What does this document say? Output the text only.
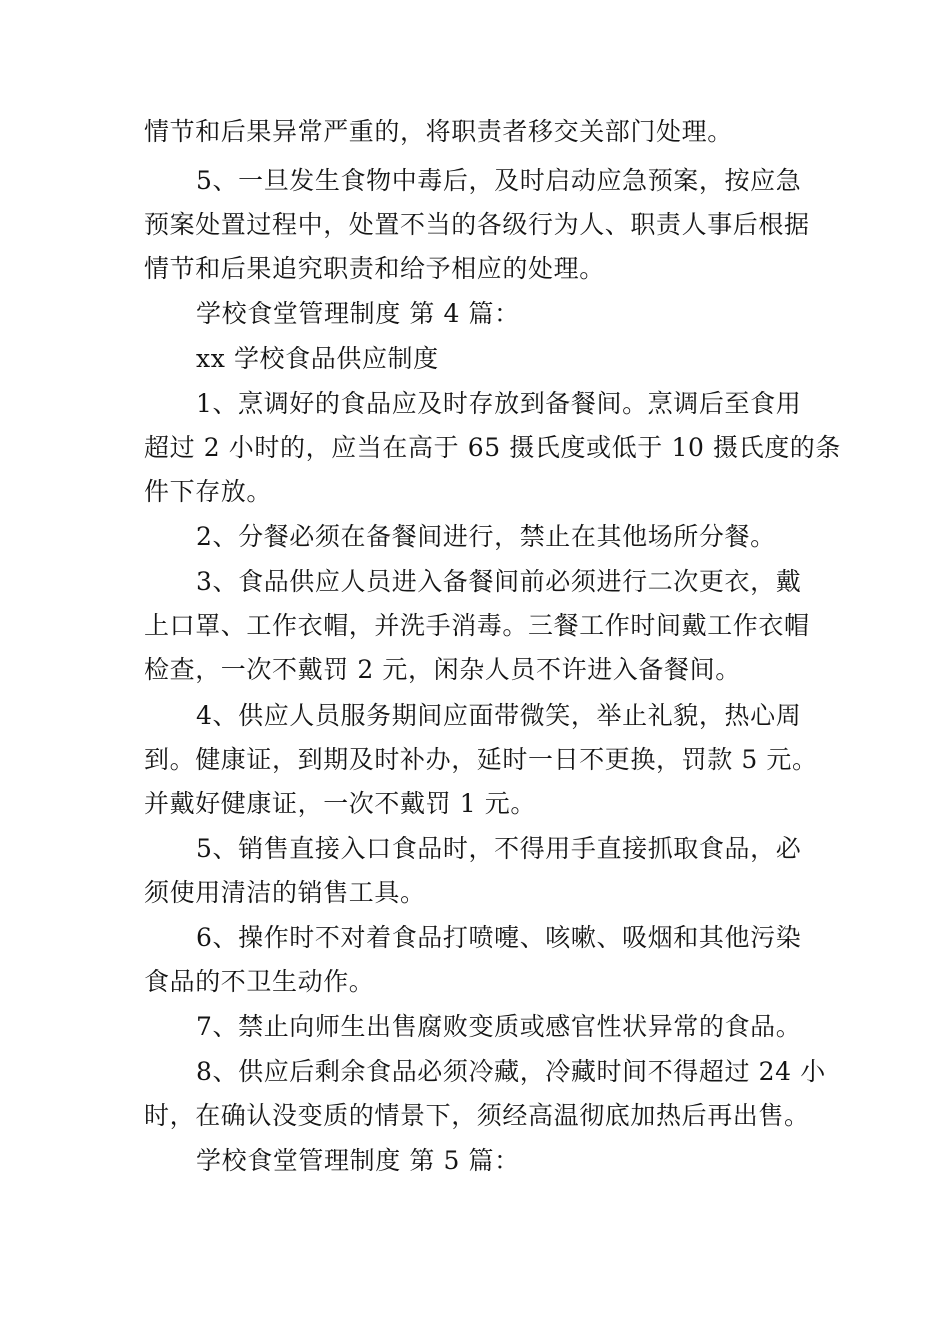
情节和后果异常严重的，将职责者移交关部门处理。
5、一旦发生食物中毒后，及时启动应急预案，按应急
预案处置过程中，处置不当的各级行为人、职责人事后根据
情节和后果追究职责和给予相应的处理。
学校食堂管理制度 第 4 篇：
xx 学校食品供应制度
1、烹调好的食品应及时存放到备餐间。烹调后至食用
超过 2 小时的，应当在高于 65 摄氏度或低于 10 摄氏度的条
件下存放。
2、分餐必须在备餐间进行，禁止在其他场所分餐。
3、食品供应人员进入备餐间前必须进行二次更衣，戴
上口罩、工作衣帽，并洗手消毒。三餐工作时间戴工作衣帽
检查，一次不戴罚 2 元，闲杂人员不许进入备餐间。
4、供应人员服务期间应面带微笑，举止礼貌，热心周
到。健康证，到期及时补办，延时一日不更换，罚款 5 元。
并戴好健康证，一次不戴罚 1 元。
5、销售直接入口食品时，不得用手直接抓取食品，必
须使用清洁的销售工具。
6、操作时不对着食品打喷嚏、咳嗽、吸烟和其他污染
食品的不卫生动作。
7、禁止向师生出售腐败变质或感官性状异常的食品。
8、供应后剩余食品必须冷藏，冷藏时间不得超过 24 小
时，在确认没变质的情景下，须经高温彻底加热后再出售。
学校食堂管理制度 第 5 篇：
